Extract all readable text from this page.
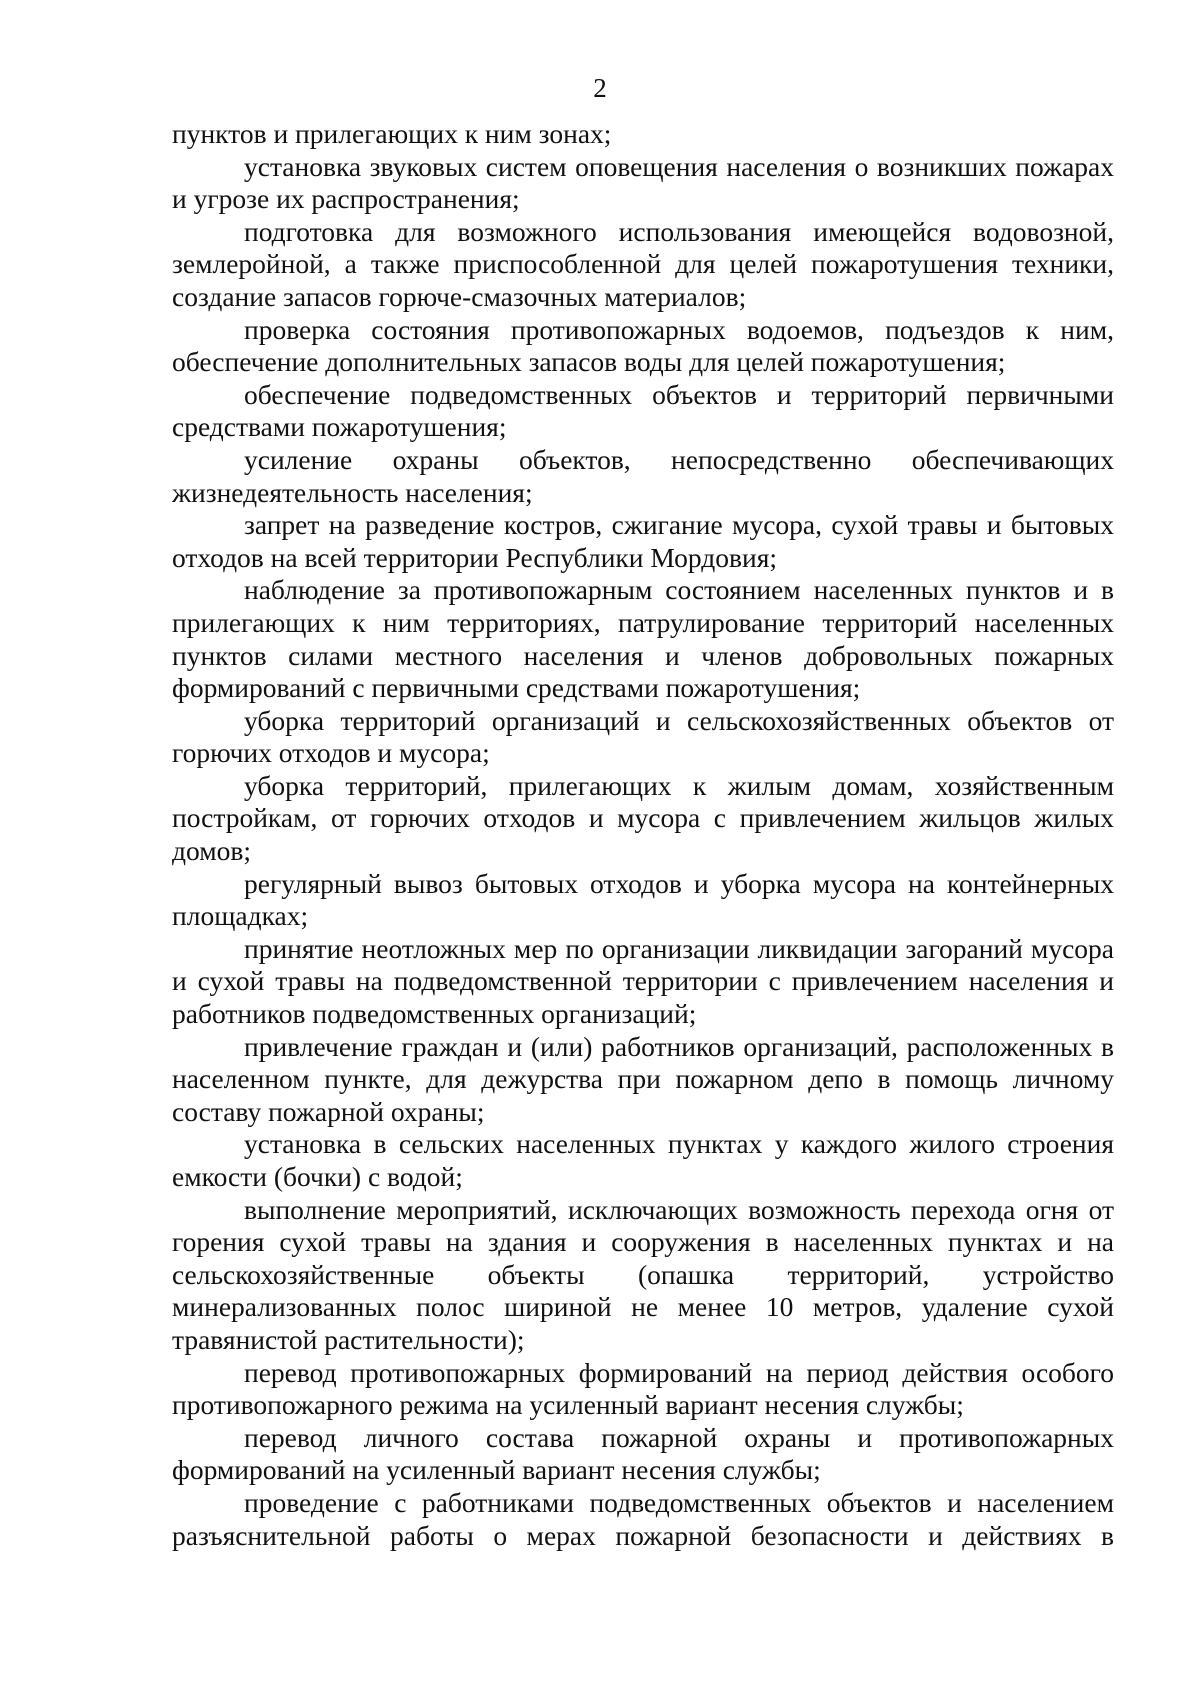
2

пунктов и прилегающих к ним зонах;

установка звуковых систем оповещения населения о возникших пожарах и угрозе их распространения;

подготовка для возможного использования имеющейся водовозной, землеройной, а также приспособленной для целей пожаротушения техники, создание запасов горюче-смазочных материалов;

проверка состояния противопожарных водоемов, подъездов к ним, обеспечение дополнительных запасов воды для целей пожаротушения;

обеспечение подведомственных объектов и территорий первичными средствами пожаротушения;

усиление охраны объектов, непосредственно обеспечивающих жизнедеятельность населения;

запрет на разведение костров, сжигание мусора, сухой травы и бытовых отходов на всей территории Республики Мордовия;

наблюдение за противопожарным состоянием населенных пунктов и в прилегающих к ним территориях, патрулирование территорий населенных пунктов силами местного населения и членов добровольных пожарных формирований с первичными средствами пожаротушения;

уборка территорий организаций и сельскохозяйственных объектов от горючих отходов и мусора;

уборка территорий, прилегающих к жилым домам, хозяйственным постройкам, от горючих отходов и мусора с привлечением жильцов жилых домов;

регулярный вывоз бытовых отходов и уборка мусора на контейнерных площадках;

принятие неотложных мер по организации ликвидации загораний мусора и сухой травы на подведомственной территории с привлечением населения и работников подведомственных организаций;

привлечение граждан и (или) работников организаций, расположенных в населенном пункте, для дежурства при пожарном депо в помощь личному составу пожарной охраны;

установка в сельских населенных пунктах у каждого жилого строения емкости (бочки) с водой;

выполнение мероприятий, исключающих возможность перехода огня от горения сухой травы на здания и сооружения в населенных пунктах и на сельскохозяйственные объекты (опашка территорий, устройство минерализованных полос шириной не менее 10 метров, удаление сухой травянистой растительности);

перевод противопожарных формирований на период действия особого противопожарного режима на усиленный вариант несения службы;

перевод личного состава пожарной охраны и противопожарных формирований на усиленный вариант несения службы;

проведение с работниками подведомственных объектов и населением разъяснительной работы о мерах пожарной безопасности и действиях в
